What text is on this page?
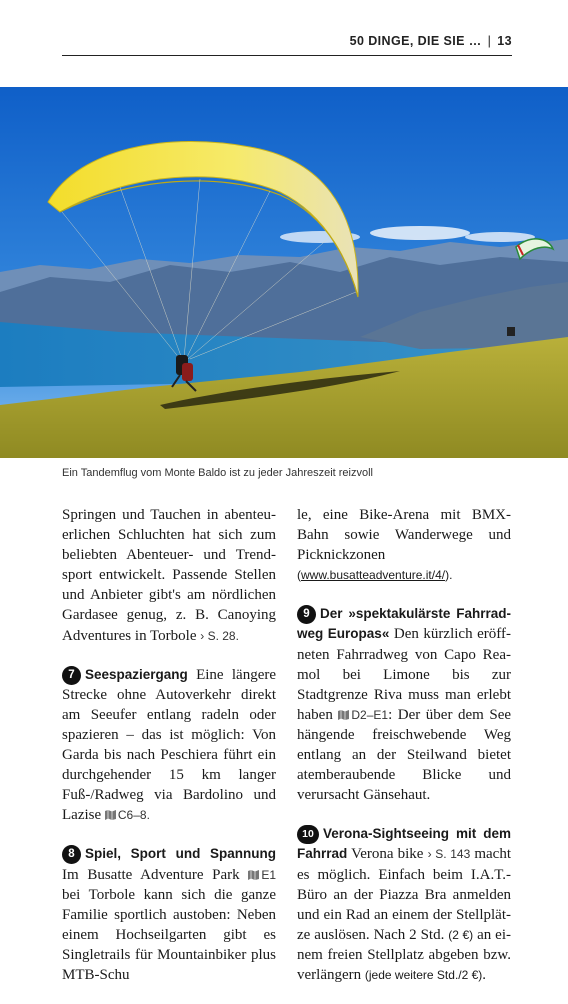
50 DINGE, DIE SIE … | 13
Ein Tandemflug vom Monte Baldo ist zu jeder Jahreszeit reizvoll

Springen und Tauchen in abenteuerlichen Schluchten hat sich zum beliebten Abenteuer- und Trendsport entwickelt. Passende Stellen und Anbieter gibt's am nördlichen Gardasee genug, z. B. Canoying Adventures in Torbole › S. 28.

7 Seespaziergang Eine längere Strecke ohne Autoverkehr direkt am Seeufer entlang radeln oder spazieren – das ist möglich: Von Garda bis nach Peschiera führt ein durchgehender 15 km langer Fuß-/Radweg via Bardolino und Lazise C6–8.

8 Spiel, Sport und Spannung Im Busatte Adventure Park E1 bei Torbole kann sich die ganze Familie sportlich austoben: Neben einem Hochseilgarten gibt es Singletrails für Mountainbiker plus MTB-Schu

le, eine Bike-Arena mit BMX-Bahn sowie Wanderwege und Picknickzonen (www.busatteadventure.it/4/).

9 Der »spektakulärste Fahrradweg Europas« Den kürzlich eröffneten Fahrradweg von Capo Reamol bei Limone bis zur Stadtgrenze Riva muss man erlebt haben D2–E1: Der über dem See hängende freischwebende Weg entlang an der Steilwand bietet atemberaubende Blicke und verursacht Gänsehaut.

10 Verona-Sightseeing mit dem Fahrrad Verona bike › S. 143 macht es möglich. Einfach beim I.A.T.-Büro an der Piazza Bra anmelden und ein Rad an einem der Stellplätze auslösen. Nach 2 Std. (2 €) an einem freien Stellplatz abgeben bzw. verlängern (jede weitere Std./2 €).
